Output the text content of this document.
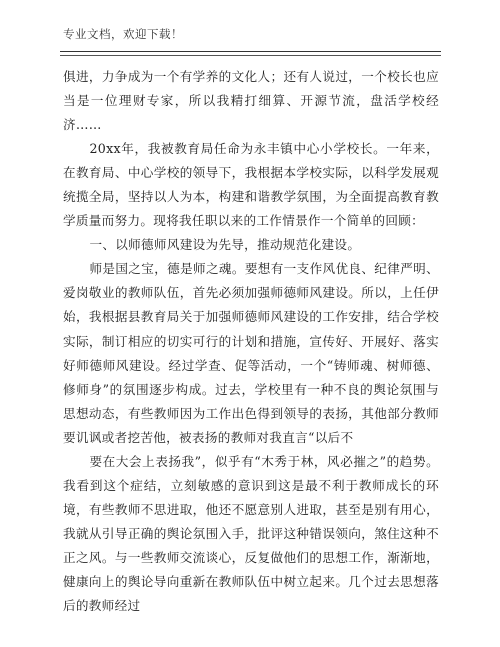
专业文档，欢迎下载！

俱进，力争成为一个有学养的文化人；还有人说过，一个校长也应当是一位理财专家，所以我精打细算、开源节流，盘活学校经济……

20xx年，我被教育局任命为永丰镇中心小学校长。一年来，在教育局、中心学校的领导下，我根据本学校实际，以科学发展观统揽全局，坚持以人为本，构建和谐教学氛围，为全面提高教育教学质量而努力。现将我任职以来的工作情景作一个简单的回顾：

一、以师德师风建设为先导，推动规范化建设。

师是国之宝，德是师之魂。要想有一支作风优良、纪律严明、爱岗敬业的教师队伍，首先必须加强师德师风建设。所以，上任伊始，我根据县教育局关于加强师德师风建设的工作安排，结合学校实际，制订相应的切实可行的计划和措施，宣传好、开展好、落实好师德师风建设。经过学查、促等活动，一个“铸师魂、树师德、修师身”的氛围逐步构成。过去，学校里有一种不良的舆论氛围与思想动态，有些教师因为工作出色得到领导的表扬，其他部分教师要讥讽或者挖苦他，被表扬的教师对我直言“以后不

要在大会上表扬我”，似乎有“木秀于林，风必摧之”的趋势。我看到这个症结，立刻敏感的意识到这是最不利于教师成长的环境，有些教师不思进取，他还不愿意别人进取，甚至是别有用心，我就从引导正确的舆论氛围入手，批评这种错误领向，煞住这种不正之风。与一些教师交流谈心，反复做他们的思想工作，渐渐地，健康向上的舆论导向重新在教师队伍中树立起来。几个过去思想落后的教师经过
